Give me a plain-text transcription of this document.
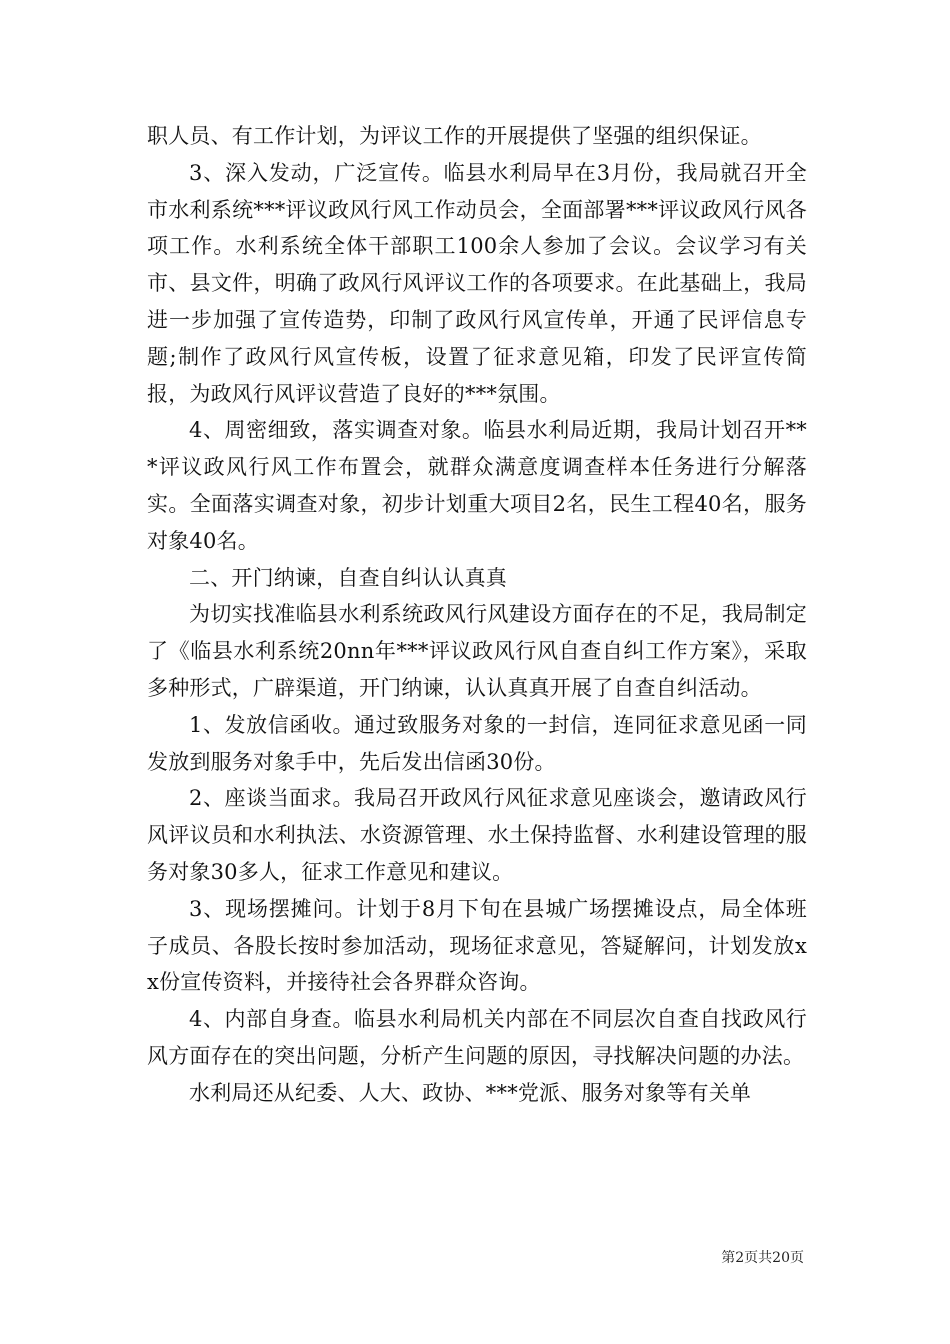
职人员、有工作计划，为评议工作的开展提供了坚强的组织保证。

3、深入发动，广泛宣传。临县水利局早在3月份，我局就召开全市水利系统***评议政风行风工作动员会，全面部署***评议政风行风各项工作。水利系统全体干部职工100余人参加了会议。会议学习有关市、县文件，明确了政风行风评议工作的各项要求。在此基础上，我局进一步加强了宣传造势，印制了政风行风宣传单，开通了民评信息专题;制作了政风行风宣传板，设置了征求意见箱，印发了民评宣传简报，为政风行风评议营造了良好的***氛围。

4、周密细致，落实调查对象。临县水利局近期，我局计划召开***评议政风行风工作布置会，就群众满意度调查样本任务进行分解落实。全面落实调查对象，初步计划重大项目2名，民生工程40名，服务对象40名。

二、开门纳谏，自查自纠认认真真

为切实找准临县水利系统政风行风建设方面存在的不足，我局制定了《临县水利系统20nn年***评议政风行风自查自纠工作方案》，采取多种形式，广辟渠道，开门纳谏，认认真真开展了自查自纠活动。

1、发放信函收。通过致服务对象的一封信，连同征求意见函一同发放到服务对象手中，先后发出信函30份。

2、座谈当面求。我局召开政风行风征求意见座谈会，邀请政风行风评议员和水利执法、水资源管理、水土保持监督、水利建设管理的服务对象30多人，征求工作意见和建议。

3、现场摆摊问。计划于8月下旬在县城广场摆摊设点，局全体班子成员、各股长按时参加活动，现场征求意见，答疑解问，计划发放xx份宣传资料，并接待社会各界群众咨询。

4、内部自身查。临县水利局机关内部在不同层次自查自找政风行风方面存在的突出问题，分析产生问题的原因，寻找解决问题的办法。

水利局还从纪委、人大、政协、***党派、服务对象等有关单

第2页共20页
